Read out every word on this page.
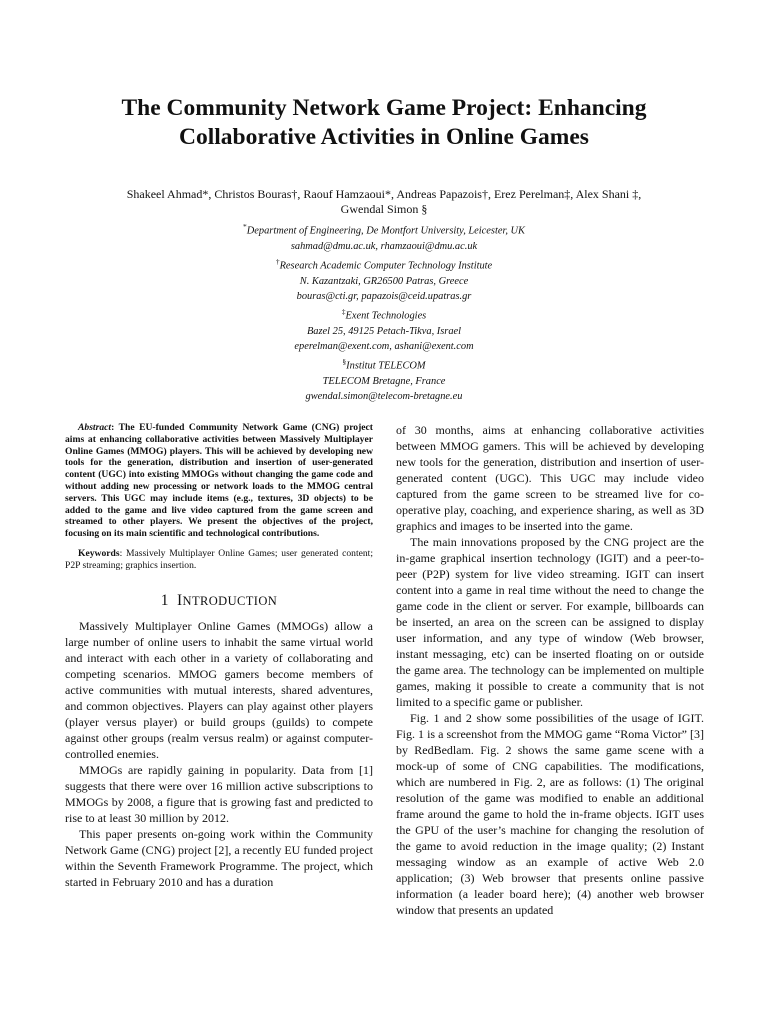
The Community Network Game Project: Enhancing
Collaborative Activities in Online Games
Shakeel Ahmad*, Christos Bouras†, Raouf Hamzaoui*, Andreas Papazois†, Erez Perelman‡, Alex Shani ‡,
Gwendal Simon §
*Department of Engineering, De Montfort University, Leicester, UK
sahmad@dmu.ac.uk, rhamzaoui@dmu.ac.uk
†Research Academic Computer Technology Institute
N. Kazantzaki, GR26500 Patras, Greece
bouras@cti.gr, papazois@ceid.upatras.gr
‡Exent Technologies
Bazel 25, 49125 Petach-Tikva, Israel
eperelman@exent.com, ashani@exent.com
§Institut TELECOM
TELECOM Bretagne, France
gwendal.simon@telecom-bretagne.eu

Abstract: The EU-funded Community Network Game (CNG) project aims at enhancing collaborative activities between Massively Multiplayer Online Games (MMOG) players. This will be achieved by developing new tools for the generation, distribution and insertion of user-generated content (UGC) into existing MMOGs without changing the game code and without adding new processing or network loads to the MMOG central servers. This UGC may include items (e.g., textures, 3D objects) to be added to the game and live video captured from the game screen and streamed to other players. We present the objectives of the project, focusing on its main scientific and technological contributions.

Keywords: Massively Multiplayer Online Games; user generated content; P2P streaming; graphics insertion.

1 INTRODUCTION

Massively Multiplayer Online Games (MMOGs) allow a large number of online users to inhabit the same virtual world and interact with each other in a variety of collaborating and competing scenarios. MMOG gamers become members of active communities with mutual interests, shared adventures, and common objectives. Players can play against other players (player versus player) or build groups (guilds) to compete against other groups (realm versus realm) or against computer-controlled enemies.

MMOGs are rapidly gaining in popularity. Data from [1] suggests that there were over 16 million active subscriptions to MMOGs by 2008, a figure that is growing fast and predicted to rise to at least 30 million by 2012.

This paper presents on-going work within the Community Network Game (CNG) project [2], a recently EU funded project within the Seventh Framework Programme. The project, which started in February 2010 and has a duration

of 30 months, aims at enhancing collaborative activities between MMOG gamers. This will be achieved by developing new tools for the generation, distribution and insertion of user-generated content (UGC). This UGC may include video captured from the game screen to be streamed live for co-operative play, coaching, and experience sharing, as well as 3D graphics and images to be inserted into the game.

The main innovations proposed by the CNG project are the in-game graphical insertion technology (IGIT) and a peer-to-peer (P2P) system for live video streaming. IGIT can insert content into a game in real time without the need to change the game code in the client or server. For example, billboards can be inserted, an area on the screen can be assigned to display user information, and any type of window (Web browser, instant messaging, etc) can be inserted floating on or outside the game area. The technology can be implemented on multiple games, making it possible to create a community that is not limited to a specific game or publisher.

Fig. 1 and 2 show some possibilities of the usage of IGIT. Fig. 1 is a screenshot from the MMOG game “Roma Victor” [3] by RedBedlam. Fig. 2 shows the same game scene with a mock-up of some of CNG capabilities. The modifications, which are numbered in Fig. 2, are as follows: (1) The original resolution of the game was modified to enable an additional frame around the game to hold the in-frame objects. IGIT uses the GPU of the user’s machine for changing the resolution of the game to avoid reduction in the image quality; (2) Instant messaging window as an example of active Web 2.0 application; (3) Web browser that presents online passive information (a leader board here); (4) another web browser window that presents an updated
